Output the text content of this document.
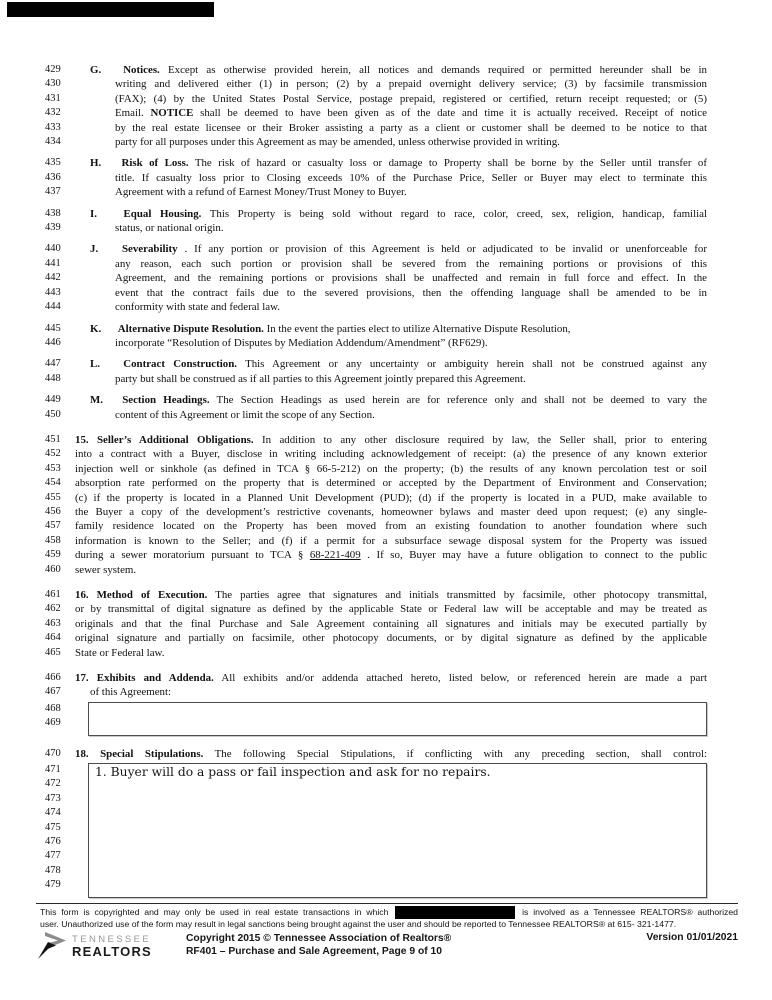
429	G. Notices. Except as otherwise provided herein, all notices and demands required or permitted hereunder shall be in
430	writing and delivered either (1) in person; (2) by a prepaid overnight delivery service; (3) by facsimile transmission
431	(FAX); (4) by the United States Postal Service, postage prepaid, registered or certified, return receipt requested; or (5)
432	Email. NOTICE shall be deemed to have been given as of the date and time it is actually received. Receipt of notice
433	by the real estate licensee or their Broker assisting a party as a client or customer shall be deemed to be notice to that
434	party for all purposes under this Agreement as may be amended, unless otherwise provided in writing.
435	H. Risk of Loss. The risk of hazard or casualty loss or damage to Property shall be borne by the Seller until transfer of
436	title. If casualty loss prior to Closing exceeds 10% of the Purchase Price, Seller or Buyer may elect to terminate this
437	Agreement with a refund of Earnest Money/Trust Money to Buyer.
438	I. Equal Housing. This Property is being sold without regard to race, color, creed, sex, religion, handicap, familial
439	status, or national origin.
440	J. Severability . If any portion or provision of this Agreement is held or adjudicated to be invalid or unenforceable for
441	any reason, each such portion or provision shall be severed from the remaining portions or provisions of this
442	Agreement, and the remaining portions or provisions shall be unaffected and remain in full force and effect. In the
443	event that the contract fails due to the severed provisions, then the offending language shall be amended to be in
444	conformity with state and federal law.
445	K. Alternative Dispute Resolution. In the event the parties elect to utilize Alternative Dispute Resolution,
446	incorporate “Resolution of Disputes by Mediation Addendum/Amendment” (RF629).
447	L. Contract Construction. This Agreement or any uncertainty or ambiguity herein shall not be construed against any
448	party but shall be construed as if all parties to this Agreement jointly prepared this Agreement.
449	M. Section Headings. The Section Headings as used herein are for reference only and shall not be deemed to vary the
450	content of this Agreement or limit the scope of any Section.
451	15. Seller’s Additional Obligations. In addition to any other disclosure required by law, the Seller shall, prior to entering
452	into a contract with a Buyer, disclose in writing including acknowledgement of receipt: (a) the presence of any known exterior
453	injection well or sinkhole (as defined in TCA § 66-5-212) on the property; (b) the results of any known percolation test or soil
454	absorption rate performed on the property that is determined or accepted by the Department of Environment and Conservation;
455	(c) if the property is located in a Planned Unit Development (PUD); (d) if the property is located in a PUD, make available to
456	the Buyer a copy of the development’s restrictive covenants, homeowner bylaws and master deed upon request; (e) any single-
457	family residence located on the Property has been moved from an existing foundation to another foundation where such
458	information is known to the Seller; and (f) if a permit for a subsurface sewage disposal system for the Property was issued
459	during a sewer moratorium pursuant to TCA § 68-221-409 . If so, Buyer may have a future obligation to connect to the public
460	sewer system.
461	16. Method of Execution. The parties agree that signatures and initials transmitted by facsimile, other photocopy transmittal,
462	or by transmittal of digital signature as defined by the applicable State or Federal law will be acceptable and may be treated as
463	originals and that the final Purchase and Sale Agreement containing all signatures and initials may be executed partially by
464	original signature and partially on facsimile, other photocopy documents, or by digital signature as defined by the applicable
465	State or Federal law.
466	17. Exhibits and Addenda. All exhibits and/or addenda attached hereto, listed below, or referenced herein are made a part
467	of this Agreement:
468
469
470	18. Special Stipulations. The following Special Stipulations, if conflicting with any preceding section, shall control:
471
472
473
474
475
476
477
478
479
1. Buyer will do a pass or fail inspection and ask for no repairs.
This form is copyrighted and may only be used in real estate transactions in which	is involved as a Tennessee REALTORS® authorized
user. Unauthorized use of the form may result in legal sanctions being brought against the user and should be reported to Tennessee REALTORS® at 615- 321-1477.
TENNESSEE
REALTORS
Copyright 2015 © Tennessee Association of Realtors®
RF401 – Purchase and Sale Agreement, Page 9 of 10
Version 01/01/2021
